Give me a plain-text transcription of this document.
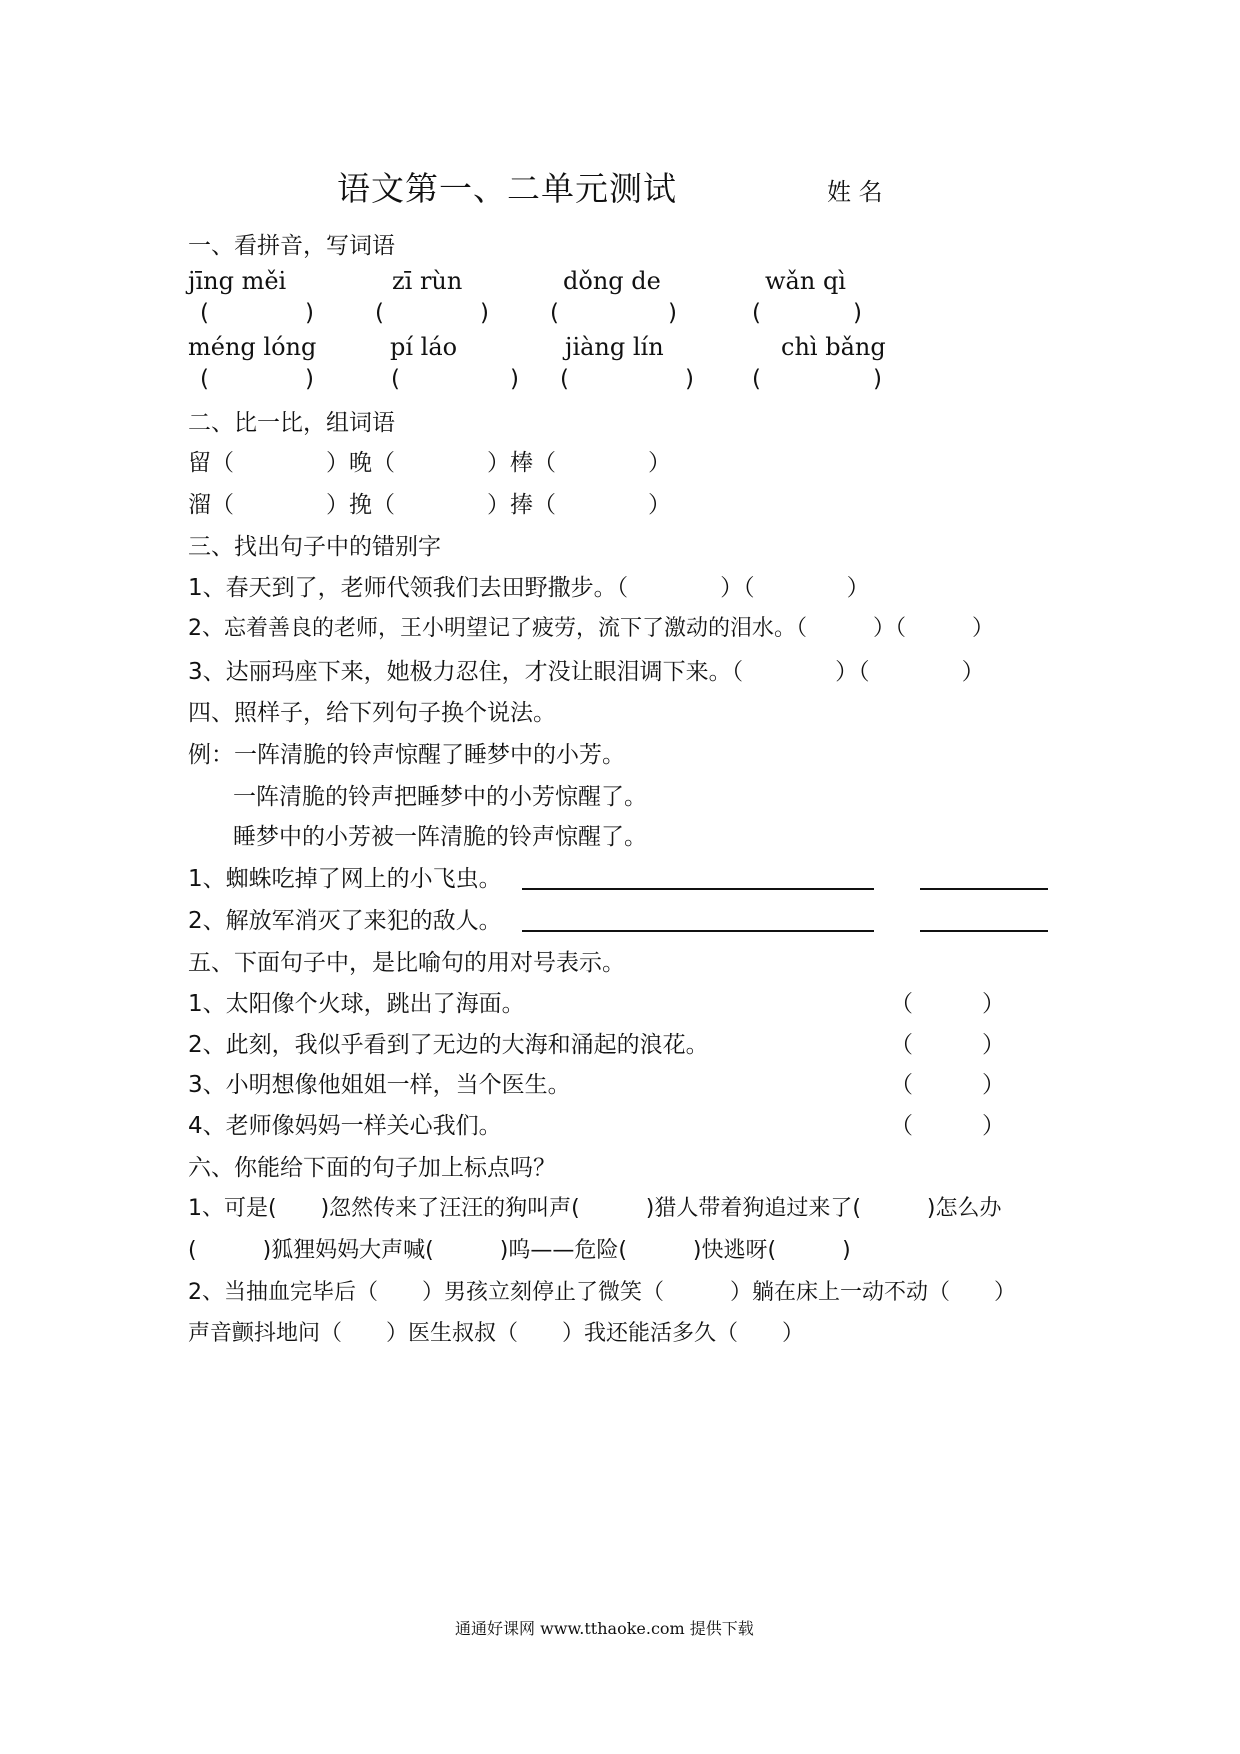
语文第一、二单元测试	姓 名
一、看拼音，写词语
jīng měi	zī rùn	dǒng de	wǎn qì
(	)	(	)	(	)	(	)
méng lóng	pí láo	jiàng lín	chì bǎng
(	)	(	) (	)	(	)
二、比一比，组词语
留（　　　　）晚（　　　　）棒（　　　　）
溜（　　　　）挽（　　　　）捧（　　　　）
三、找出句子中的错别字
1、春天到了，老师代领我们去田野撒步。（　　　　）（　　　　）
2、忘着善良的老师，王小明望记了疲劳，流下了激动的泪水。（　　　）（　　　）
3、达丽玛座下来，她极力忍住，才没让眼泪调下来。（　　　　）（　　　　）
四、照样子，给下列句子换个说法。
例：一阵清脆的铃声惊醒了睡梦中的小芳。
一阵清脆的铃声把睡梦中的小芳惊醒了。
睡梦中的小芳被一阵清脆的铃声惊醒了。
1、蜘蛛吃掉了网上的小飞虫。
2、解放军消灭了来犯的敌人。
五、下面句子中，是比喻句的用对号表示。
1、太阳像个火球，跳出了海面。	（　　　）
2、此刻，我似乎看到了无边的大海和涌起的浪花。	（　　　）
3、小明想像他姐姐一样，当个医生。	（　　　）
4、老师像妈妈一样关心我们。	（　　　）
六、你能给下面的句子加上标点吗？
1、可是(　　)忽然传来了汪汪的狗叫声(　　　)猎人带着狗追过来了(　　　)怎么办
(　　　)狐狸妈妈大声喊(　　　)呜——危险(　　　)快逃呀(　　　)
2、当抽血完毕后（　　）男孩立刻停止了微笑（　　　）躺在床上一动不动（　　）
声音颤抖地问（　　）医生叔叔（　　）我还能活多久（　　）
通通好课网 www.tthaoke.com 提供下载
